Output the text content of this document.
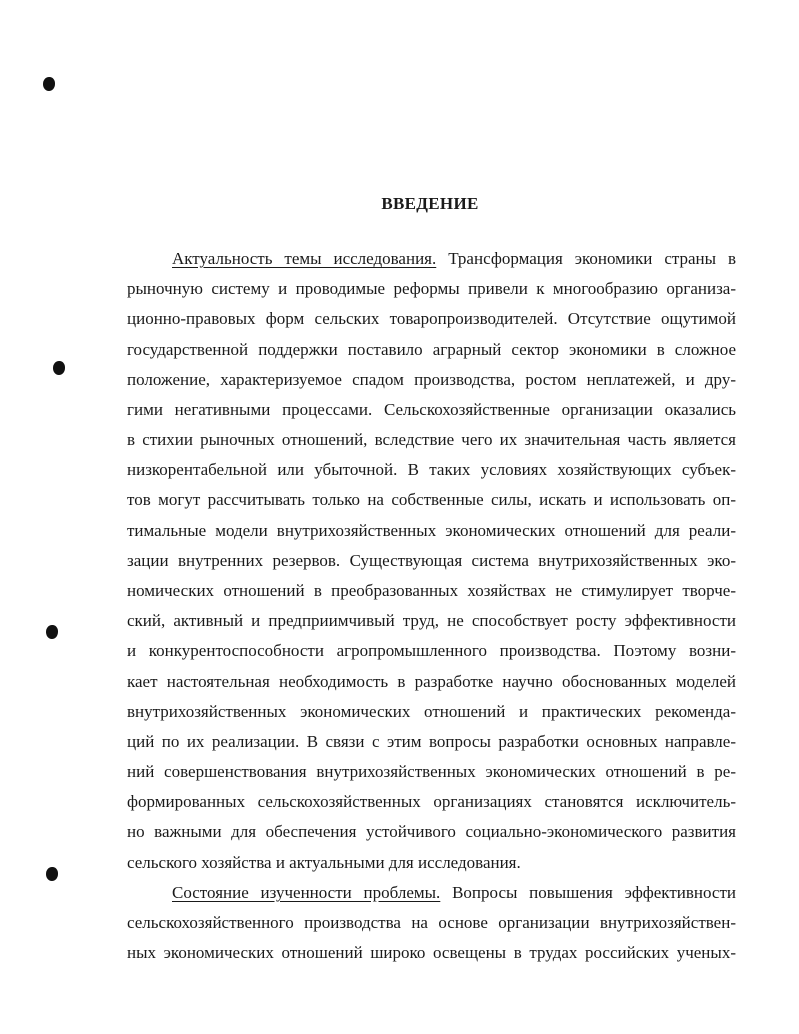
ВВЕДЕНИЕ
Актуальность темы исследования. Трансформация экономики страны в
рыночную систему и проводимые реформы привели к многообразию организа-
ционно-правовых форм сельских товаропроизводителей. Отсутствие ощутимой
государственной поддержки поставило аграрный сектор экономики в сложное
положение, характеризуемое спадом производства, ростом неплатежей, и дру-
гими негативными процессами. Сельскохозяйственные организации оказались
в стихии рыночных отношений, вследствие чего их значительная часть является
низкорентабельной или убыточной. В таких условиях хозяйствующих субъек-
тов могут рассчитывать только на собственные силы, искать и использовать оп-
тимальные модели внутрихозяйственных экономических отношений для реали-
зации внутренних резервов. Существующая система внутрихозяйственных эко-
номических отношений в преобразованных хозяйствах не стимулирует творче-
ский, активный и предприимчивый труд, не способствует росту эффективности
и конкурентоспособности агропромышленного производства. Поэтому возни-
кает настоятельная необходимость в разработке научно обоснованных моделей
внутрихозяйственных экономических отношений и практических рекоменда-
ций по их реализации. В связи с этим вопросы разработки основных направле-
ний совершенствования внутрихозяйственных экономических отношений в ре-
формированных сельскохозяйственных организациях становятся исключитель-
но важными для обеспечения устойчивого социально-экономического развития
сельского хозяйства и актуальными для исследования.
Состояние изученности проблемы. Вопросы повышения эффективности
сельскохозяйственного производства на основе организации внутрихозяйствен-
ных экономических отношений широко освещены в трудах российских ученых-
